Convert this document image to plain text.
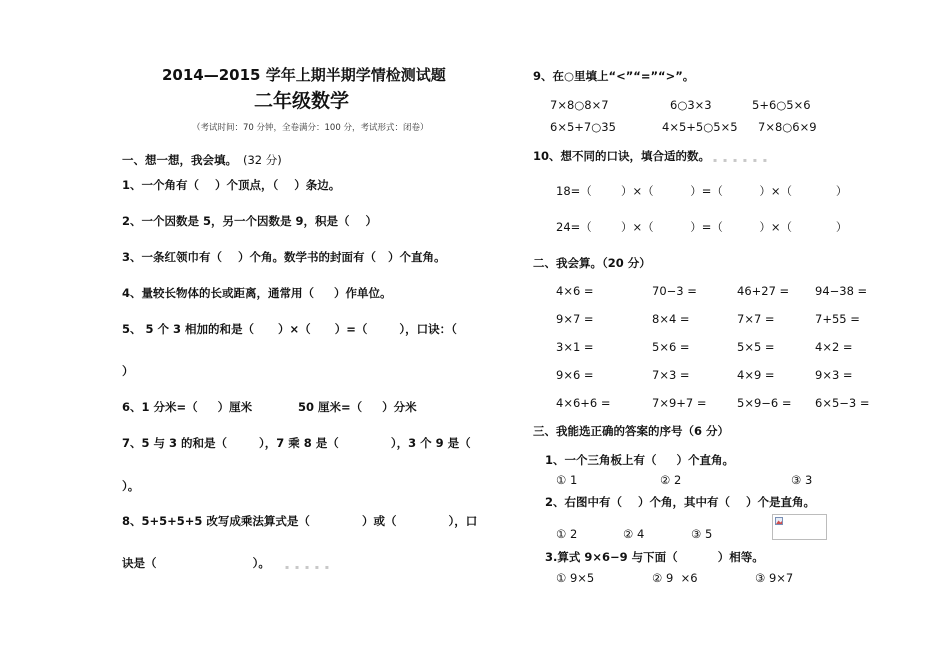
2014—2015 学年上期半期学情检测试题
二年级数学
（考试时间：70 分钟，全卷满分：100 分，考试形式：闭卷）
一、想一想，我会填。 (32 分)
1、一个角有（    ）个顶点，（    ）条边。
2、一个因数是 5，另一个因数是 9，积是（    ）
3、一条红领巾有（    ）个角。数学书的封面有（   ）个直角。
4、量较长物体的长或距离，通常用（     ）作单位。
5、 5 个 3 相加的和是（      ）×（      ）=（        ），口诀：（
）
6、1 分米=（     ）厘米	50 厘米=（     ）分米
7、5 与 3 的和是（        ），7 乘 8 是（             ），3 个 9 是（
）。
8、5+5+5+5 改写成乘法算式是（             ）或（             ），口
诀是（                        ）。	▪ ▪ ▪ ▪ ▪
9、在○里填上“<”“=”“>”。
7×8○8×7	6○3×3	5+6○5×6
6×5+7○35	4×5+5○5×5 7×8○6×9
10、想不同的口诀，填合适的数。 ▪ ▪ ▪ ▪ ▪ ▪
18=（        ）×（          ）=（          ）×（            ）
24=（        ）×（          ）=（          ）×（            ）
二、我会算。（20 分）
4×6 =	70−3 =	46+27 = 94−38 =
9×7 =	8×4 =	7×7 =	7+55 =
3×1 =	5×6 =	5×5 =	4×2 =
9×6 =	7×3 =	4×9 =	9×3 =
4×6+6 =	7×9+7 =	5×9−6 = 6×5−3 =
三、我能选正确的答案的序号（6 分）
1、一个三角板上有（     ）个直角。
① 1	② 2	③ 3
2、右图中有（    ）个角，其中有（    ）个是直角。
① 2	② 4	③ 5
3.算式 9×6−9 与下面（          ）相等。
① 9×5	② 9  ×6	③ 9×7
